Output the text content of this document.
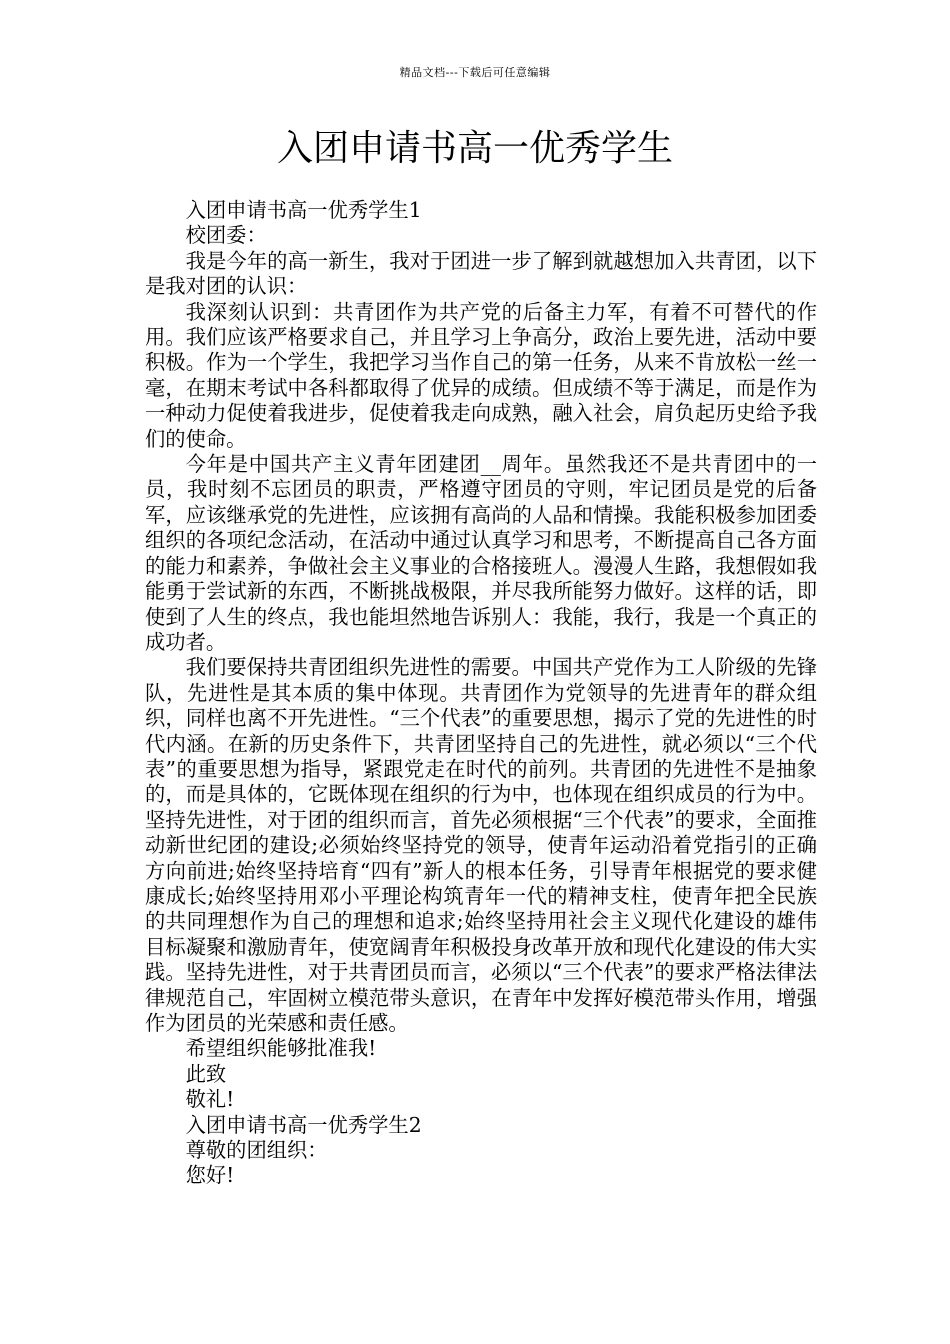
精品文档---下载后可任意编辑
入团申请书高一优秀学生

入团申请书高一优秀学生1

校团委：

我是今年的高一新生，我对于团进一步了解到就越想加入共青团，以下是我对团的认识：

我深刻认识到：共青团作为共产党的后备主力军，有着不可替代的作用。我们应该严格要求自己，并且学习上争高分，政治上要先进，活动中要积极。作为一个学生，我把学习当作自己的第一任务，从来不肯放松一丝一毫，在期末考试中各科都取得了优异的成绩。但成绩不等于满足，而是作为一种动力促使着我进步，促使着我走向成熟，融入社会，肩负起历史给予我们的使命。

今年是中国共产主义青年团建团__周年。虽然我还不是共青团中的一员，我时刻不忘团员的职责，严格遵守团员的守则，牢记团员是党的后备军，应该继承党的先进性，应该拥有高尚的人品和情操。我能积极参加团委组织的各项纪念活动，在活动中通过认真学习和思考，不断提高自己各方面的能力和素养，争做社会主义事业的合格接班人。漫漫人生路，我想假如我能勇于尝试新的东西，不断挑战极限，并尽我所能努力做好。这样的话，即使到了人生的终点，我也能坦然地告诉别人：我能，我行，我是一个真正的成功者。

我们要保持共青团组织先进性的需要。中国共产党作为工人阶级的先锋队，先进性是其本质的集中体现。共青团作为党领导的先进青年的群众组织，同样也离不开先进性。“三个代表”的重要思想，揭示了党的先进性的时代内涵。在新的历史条件下，共青团坚持自己的先进性，就必须以“三个代表”的重要思想为指导，紧跟党走在时代的前列。共青团的先进性不是抽象的，而是具体的，它既体现在组织的行为中，也体现在组织成员的行为中。坚持先进性，对于团的组织而言，首先必须根据“三个代表”的要求，全面推动新世纪团的建设;必须始终坚持党的领导，使青年运动沿着党指引的正确方向前进;始终坚持培育“四有”新人的根本任务，引导青年根据党的要求健康成长;始终坚持用邓小平理论构筑青年一代的精神支柱，使青年把全民族的共同理想作为自己的理想和追求;始终坚持用社会主义现代化建设的雄伟目标凝聚和激励青年，使宽阔青年积极投身改革开放和现代化建设的伟大实践。坚持先进性，对于共青团员而言，必须以“三个代表”的要求严格法律法律规范自己，牢固树立模范带头意识，在青年中发挥好模范带头作用，增强作为团员的光荣感和责任感。

希望组织能够批准我!

此致

敬礼!

入团申请书高一优秀学生2

尊敬的团组织：

您好!
